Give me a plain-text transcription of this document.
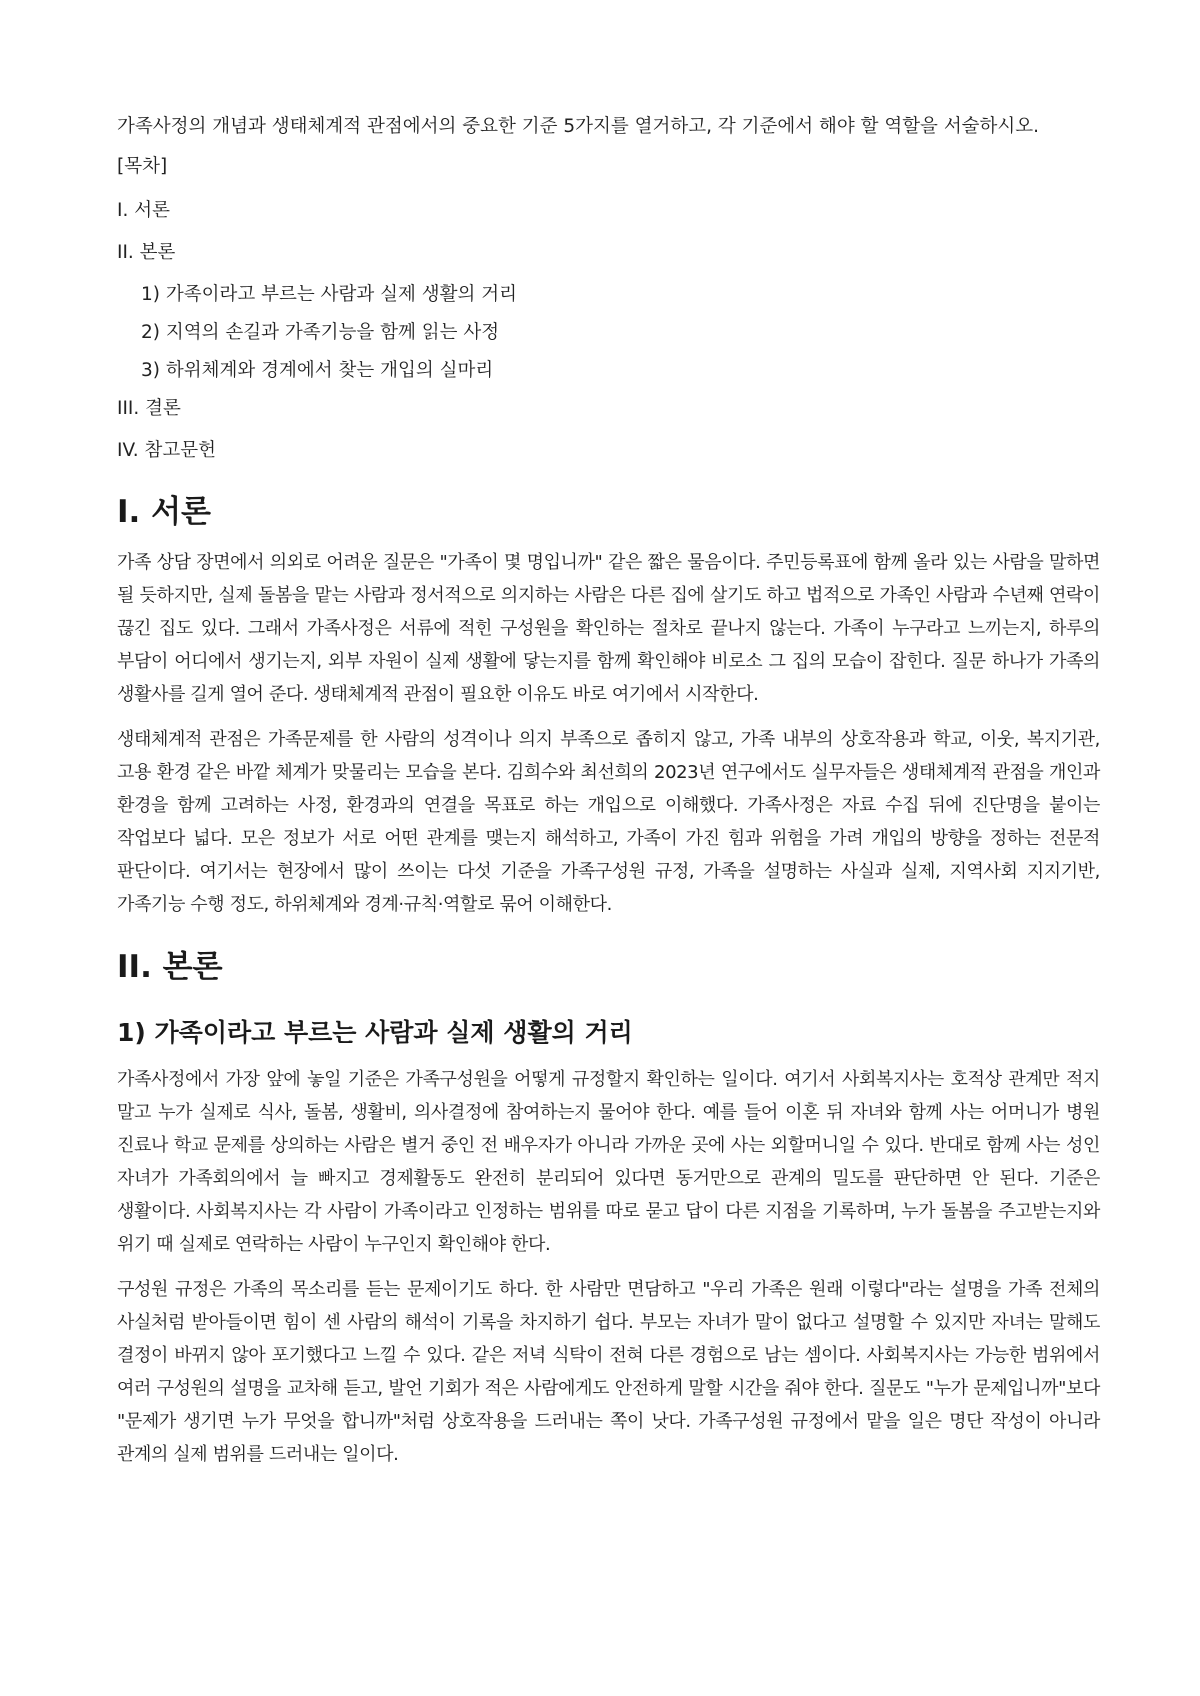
가족사정의 개념과 생태체계적 관점에서의 중요한 기준 5가지를 열거하고, 각 기준에서 해야 할 역할을 서술하시오.
[목차]
I. 서론
II. 본론
1) 가족이라고 부르는 사람과 실제 생활의 거리
2) 지역의 손길과 가족기능을 함께 읽는 사정
3) 하위체계와 경계에서 찾는 개입의 실마리
III. 결론
IV. 참고문헌
I. 서론

가족 상담 장면에서 의외로 어려운 질문은 "가족이 몇 명입니까" 같은 짧은 물음이다. 주민등록표에 함께 올라 있는 사람을 말하면 될 듯하지만, 실제 돌봄을 맡는 사람과 정서적으로 의지하는 사람은 다른 집에 살기도 하고 법적으로 가족인 사람과 수년째 연락이 끊긴 집도 있다. 그래서 가족사정은 서류에 적힌 구성원을 확인하는 절차로 끝나지 않는다. 가족이 누구라고 느끼는지, 하루의 부담이 어디에서 생기는지, 외부 자원이 실제 생활에 닿는지를 함께 확인해야 비로소 그 집의 모습이 잡힌다. 질문 하나가 가족의 생활사를 길게 열어 준다. 생태체계적 관점이 필요한 이유도 바로 여기에서 시작한다.

생태체계적 관점은 가족문제를 한 사람의 성격이나 의지 부족으로 좁히지 않고, 가족 내부의 상호작용과 학교, 이웃, 복지기관, 고용 환경 같은 바깥 체계가 맞물리는 모습을 본다. 김희수와 최선희의 2023년 연구에서도 실무자들은 생태체계적 관점을 개인과 환경을 함께 고려하는 사정, 환경과의 연결을 목표로 하는 개입으로 이해했다. 가족사정은 자료 수집 뒤에 진단명을 붙이는 작업보다 넓다. 모은 정보가 서로 어떤 관계를 맺는지 해석하고, 가족이 가진 힘과 위험을 가려 개입의 방향을 정하는 전문적 판단이다. 여기서는 현장에서 많이 쓰이는 다섯 기준을 가족구성원 규정, 가족을 설명하는 사실과 실제, 지역사회 지지기반, 가족기능 수행 정도, 하위체계와 경계·규칙·역할로 묶어 이해한다.

II. 본론
1) 가족이라고 부르는 사람과 실제 생활의 거리

가족사정에서 가장 앞에 놓일 기준은 가족구성원을 어떻게 규정할지 확인하는 일이다. 여기서 사회복지사는 호적상 관계만 적지 말고 누가 실제로 식사, 돌봄, 생활비, 의사결정에 참여하는지 물어야 한다. 예를 들어 이혼 뒤 자녀와 함께 사는 어머니가 병원 진료나 학교 문제를 상의하는 사람은 별거 중인 전 배우자가 아니라 가까운 곳에 사는 외할머니일 수 있다. 반대로 함께 사는 성인 자녀가 가족회의에서 늘 빠지고 경제활동도 완전히 분리되어 있다면 동거만으로 관계의 밀도를 판단하면 안 된다. 기준은 생활이다. 사회복지사는 각 사람이 가족이라고 인정하는 범위를 따로 묻고 답이 다른 지점을 기록하며, 누가 돌봄을 주고받는지와 위기 때 실제로 연락하는 사람이 누구인지 확인해야 한다.

구성원 규정은 가족의 목소리를 듣는 문제이기도 하다. 한 사람만 면담하고 "우리 가족은 원래 이렇다"라는 설명을 가족 전체의 사실처럼 받아들이면 힘이 센 사람의 해석이 기록을 차지하기 쉽다. 부모는 자녀가 말이 없다고 설명할 수 있지만 자녀는 말해도 결정이 바뀌지 않아 포기했다고 느낄 수 있다. 같은 저녁 식탁이 전혀 다른 경험으로 남는 셈이다. 사회복지사는 가능한 범위에서 여러 구성원의 설명을 교차해 듣고, 발언 기회가 적은 사람에게도 안전하게 말할 시간을 줘야 한다. 질문도 "누가 문제입니까"보다 "문제가 생기면 누가 무엇을 합니까"처럼 상호작용을 드러내는 쪽이 낫다. 가족구성원 규정에서 맡을 일은 명단 작성이 아니라 관계의 실제 범위를 드러내는 일이다.
